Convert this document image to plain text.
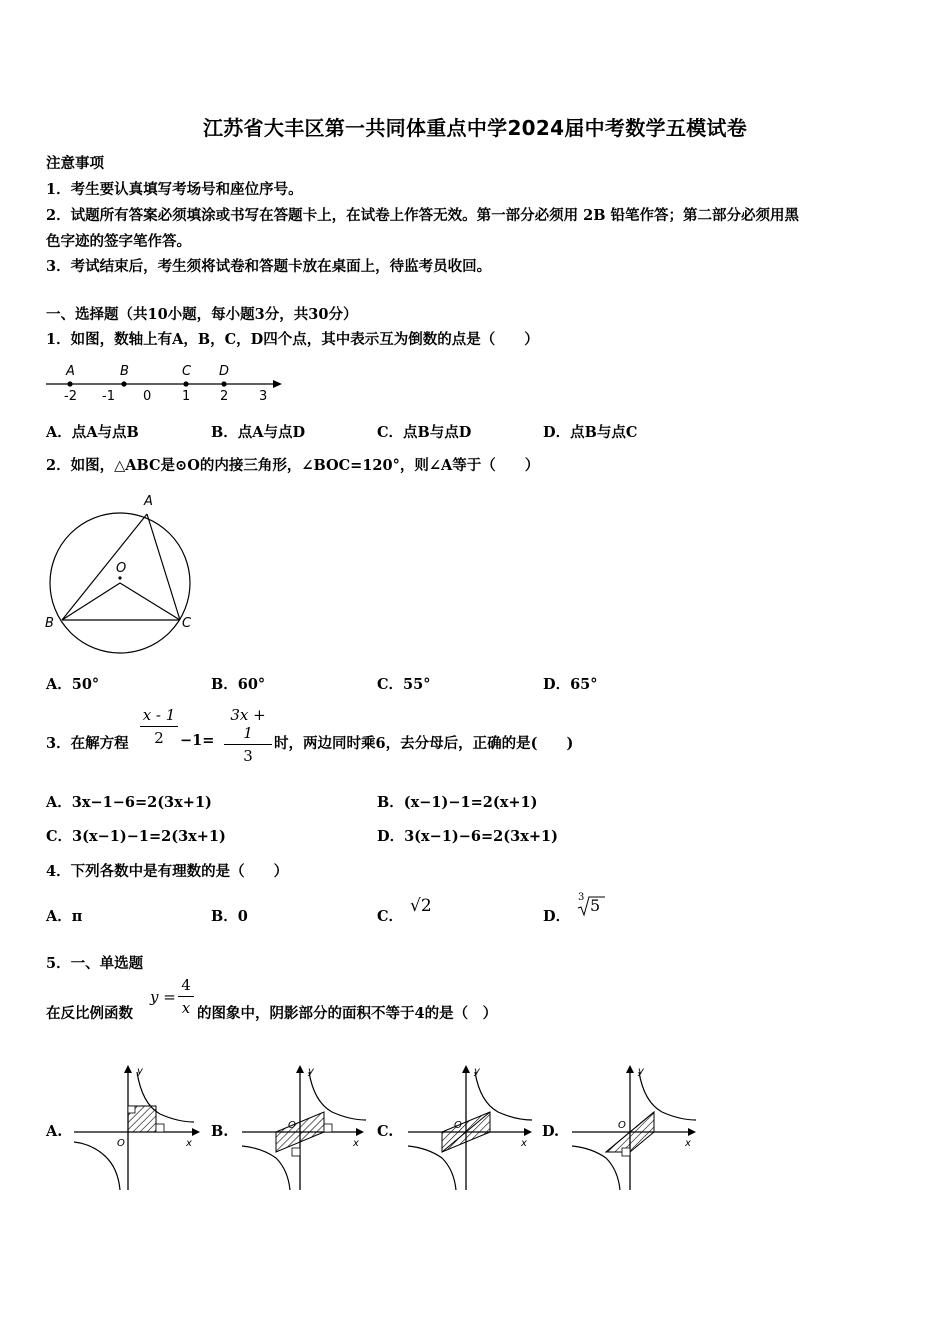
江苏省大丰区第一共同体重点中学2024届中考数学五模试卷
注意事项
1．考生要认真填写考场号和座位序号。
2．试题所有答案必须填涂或书写在答题卡上，在试卷上作答无效。第一部分必须用 2B 铅笔作答；第二部分必须用黑
色字迹的签字笔作答。
3．考试结束后，考生须将试卷和答题卡放在桌面上，待监考员收回。
一、选择题（共10小题，每小题3分，共30分）
1．如图，数轴上有A，B，C，D四个点，其中表示互为倒数的点是（　　）
A	B	C D
-2 -1 0 1 2 3
A．点A与点B	B．点A与点D	C．点B与点D	D．点B与点C
2．如图，△ABC是⊙O的内接三角形，∠BOC=120°，则∠A等于（　　）
A
O
B	C
A．50°	B．60°	C．55°	D．65°
3．在解方程
x - 1
2	−1=
3x + 1
3
时，两边同时乘6，去分母后，正确的是(　　)
A．3x−1−6=2(3x+1)	B．(x−1)−1=2(x+1)
C．3(x−1)−1=2(3x+1)	D．3(x−1)−6=2(3x+1)
4．下列各数中是有理数的是（　　）
A．π	B．0	C．
√2
D．
3 5
5．一、单选题
在反比例函数
y =
4
x 的图象中，阴影部分的面积不等于4的是（　）
A.	B.	C.	D.
y
x
O
y
x
O
y
x
O
y
x
O
